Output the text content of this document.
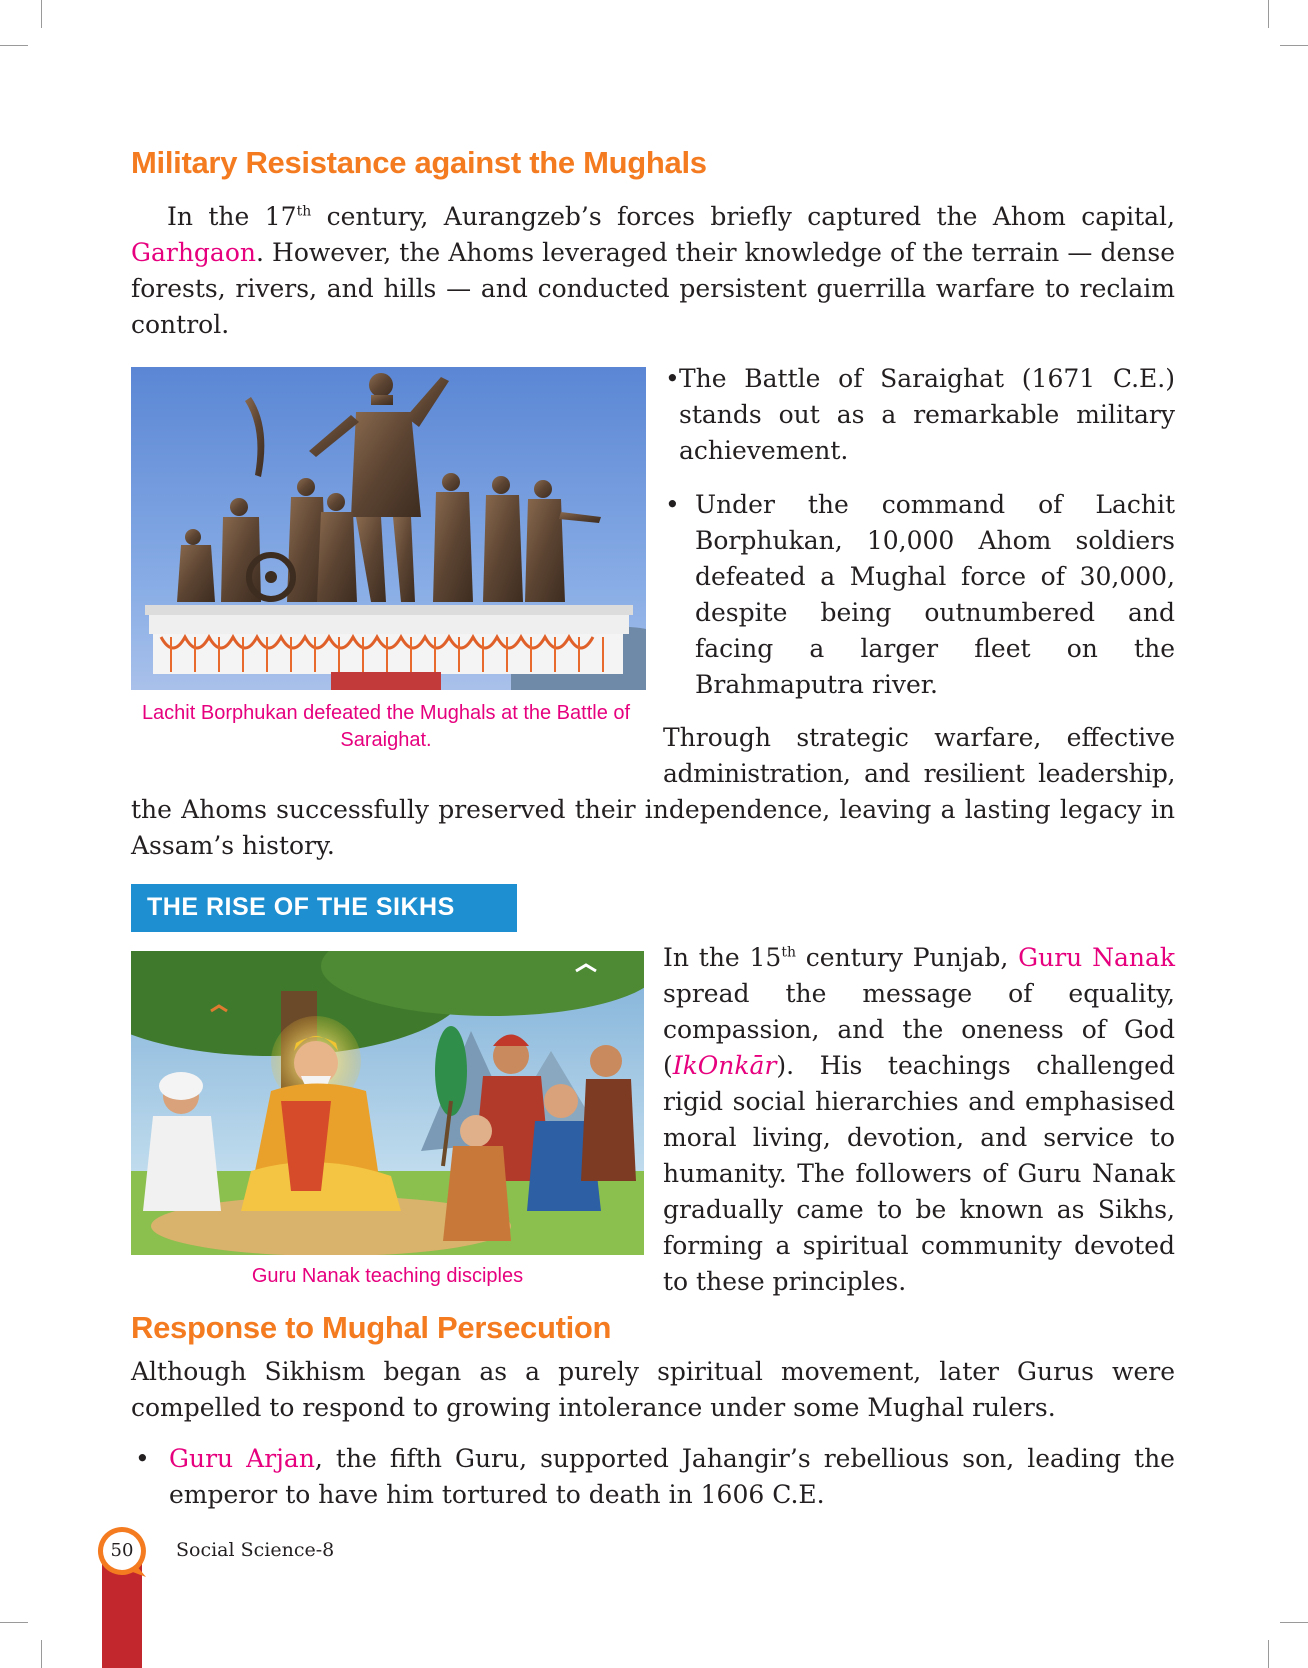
Military Resistance against the Mughals

In the 17th century, Aurangzeb’s forces briefly captured the Ahom capital, Garhgaon. However, the Ahoms leveraged their knowledge of the terrain — dense forests, rivers, and hills — and conducted persistent guerrilla warfare to reclaim control.

Lachit Borphukan defeated the Mughals at the Battle of Saraighat.
• The Battle of Saraighat (1671 C.E.) stands out as a remarkable military achievement.
• Under the command of Lachit Borphukan, 10,000 Ahom soldiers defeated a Mughal force of 30,000, despite being outnumbered and facing a larger fleet on the Brahmaputra river.

Through strategic warfare, effective

administration, and resilient leadership,

the Ahoms successfully preserved their independence, leaving a lasting legacy in Assam’s history.

THE RISE OF THE SIKHS
Guru Nanak teaching disciples

In the 15th century Punjab, Guru Nanak spread the message of equality, compassion, and the oneness of God (IkOnkār). His teachings challenged rigid social hierarchies and emphasised moral living, devotion, and service to humanity. The followers of Guru Nanak gradually came to be known as Sikhs, forming a spiritual community devoted to these principles.

Response to Mughal Persecution

Although Sikhism began as a purely spiritual movement, later Gurus were compelled to respond to growing intolerance under some Mughal rulers.

• Guru Arjan, the fifth Guru, supported Jahangir’s rebellious son, leading the emperor to have him tortured to death in 1606 C.E.
50 Social Science-8
